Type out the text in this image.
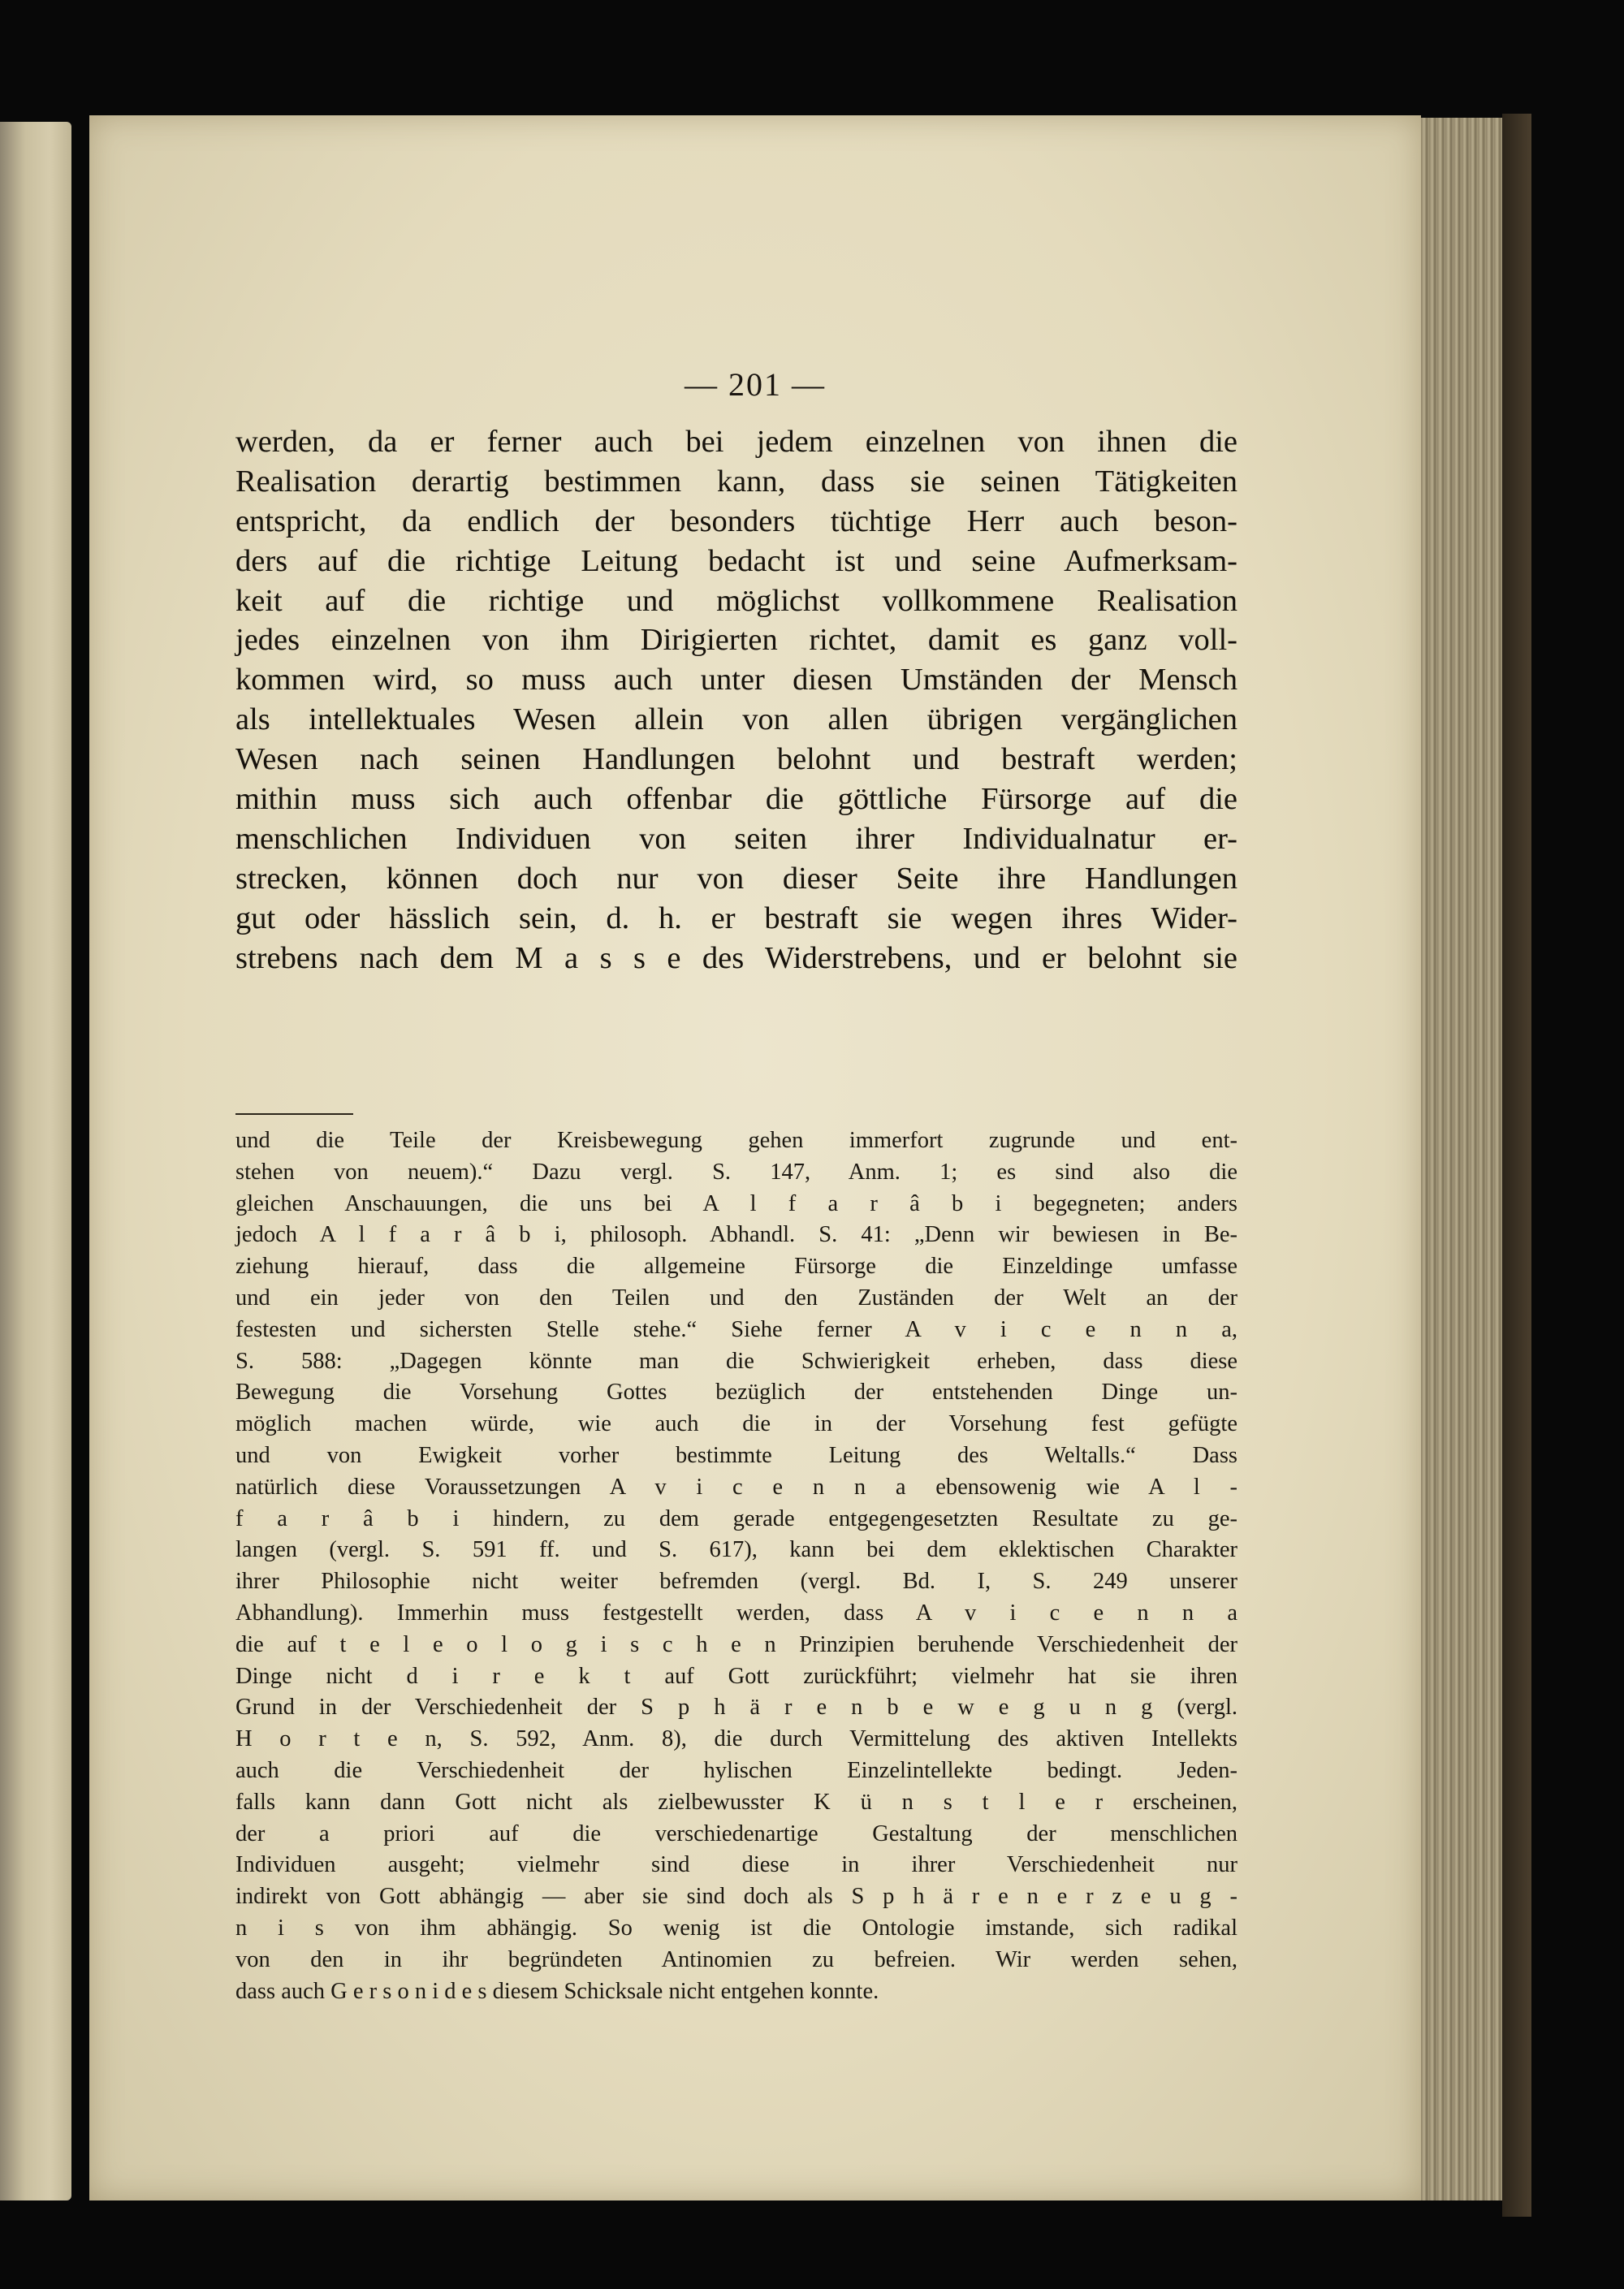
— 201 —
werden, da er ferner auch bei jedem einzelnen von ihnen die
Realisation derartig bestimmen kann, dass sie seinen Tätigkeiten
entspricht, da endlich der besonders tüchtige Herr auch beson-
ders auf die richtige Leitung bedacht ist und seine Aufmerksam-
keit auf die richtige und möglichst vollkommene Realisation
jedes einzelnen von ihm Dirigierten richtet, damit es ganz voll-
kommen wird, so muss auch unter diesen Umständen der Mensch
als intellektuales Wesen allein von allen übrigen vergänglichen
Wesen nach seinen Handlungen belohnt und bestraft werden;
mithin muss sich auch offenbar die göttliche Fürsorge auf die
menschlichen Individuen von seiten ihrer Individualnatur er-
strecken, können doch nur von dieser Seite ihre Handlungen
gut oder hässlich sein, d. h. er bestraft sie wegen ihres Wider-
strebens nach dem M a s s e des Widerstrebens, und er belohnt sie
und die Teile der Kreisbewegung gehen immerfort zugrunde und ent-
stehen von neuem).“ Dazu vergl. S. 147, Anm. 1; es sind also die
gleichen Anschauungen, die uns bei A l f a r â b i begegneten; anders
jedoch A l f a r â b i, philosoph. Abhandl. S. 41: „Denn wir bewiesen in Be-
ziehung hierauf, dass die allgemeine Fürsorge die Einzeldinge umfasse
und ein jeder von den Teilen und den Zuständen der Welt an der
festesten und sichersten Stelle stehe.“ Siehe ferner A v i c e n n a,
S. 588: „Dagegen könnte man die Schwierigkeit erheben, dass diese
Bewegung die Vorsehung Gottes bezüglich der entstehenden Dinge un-
möglich machen würde, wie auch die in der Vorsehung fest gefügte
und von Ewigkeit vorher bestimmte Leitung des Weltalls.“ Dass
natürlich diese Voraussetzungen A v i c e n n a ebensowenig wie A l -
f a r â b i hindern, zu dem gerade entgegengesetzten Resultate zu ge-
langen (vergl. S. 591 ff. und S. 617), kann bei dem eklektischen Charakter
ihrer Philosophie nicht weiter befremden (vergl. Bd. I, S. 249 unserer
Abhandlung). Immerhin muss festgestellt werden, dass A v i c e n n a
die auf t e l e o l o g i s c h e n Prinzipien beruhende Verschiedenheit der
Dinge nicht d i r e k t auf Gott zurückführt; vielmehr hat sie ihren
Grund in der Verschiedenheit der S p h ä r e n b e w e g u n g (vergl.
H o r t e n, S. 592, Anm. 8), die durch Vermittelung des aktiven Intellekts
auch die Verschiedenheit der hylischen Einzelintellekte bedingt. Jeden-
falls kann dann Gott nicht als zielbewusster K ü n s t l e r erscheinen,
der a priori auf die verschiedenartige Gestaltung der menschlichen
Individuen ausgeht; vielmehr sind diese in ihrer Verschiedenheit nur
indirekt von Gott abhängig — aber sie sind doch als S p h ä r e n e r z e u g -
n i s von ihm abhängig. So wenig ist die Ontologie imstande, sich radikal
von den in ihr begründeten Antinomien zu befreien. Wir werden sehen,
dass auch G e r s o n i d e s diesem Schicksale nicht entgehen konnte.
